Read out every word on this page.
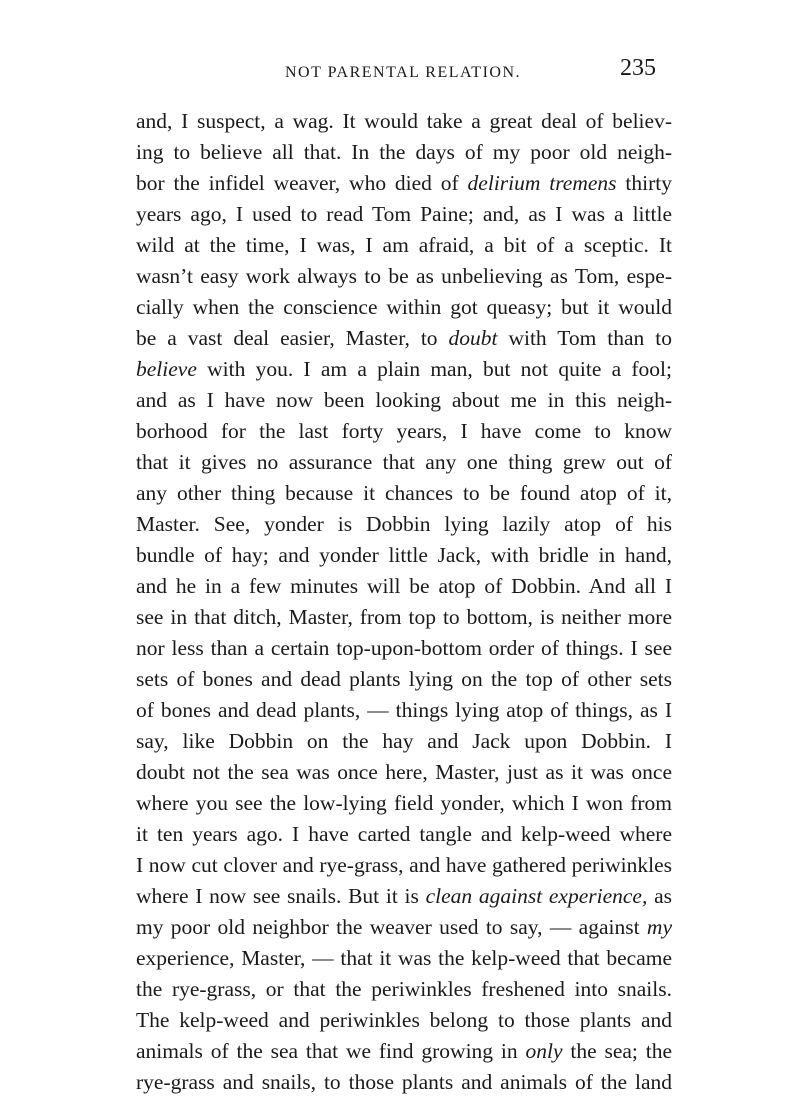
NOT PARENTAL RELATION.	235
and, I suspect, a wag. It would take a great deal of believ-
ing to believe all that. In the days of my poor old neigh-
bor the infidel weaver, who died of delirium tremens thirty
years ago, I used to read Tom Paine; and, as I was a little
wild at the time, I was, I am afraid, a bit of a sceptic. It
wasn’t easy work always to be as unbelieving as Tom, espe-
cially when the conscience within got queasy; but it would
be a vast deal easier, Master, to doubt with Tom than to
believe with you. I am a plain man, but not quite a fool;
and as I have now been looking about me in this neigh-
borhood for the last forty years, I have come to know
that it gives no assurance that any one thing grew out of
any other thing because it chances to be found atop of it,
Master. See, yonder is Dobbin lying lazily atop of his
bundle of hay; and yonder little Jack, with bridle in hand,
and he in a few minutes will be atop of Dobbin. And all I
see in that ditch, Master, from top to bottom, is neither more
nor less than a certain top-upon-bottom order of things. I see
sets of bones and dead plants lying on the top of other sets
of bones and dead plants, — things lying atop of things, as I
say, like Dobbin on the hay and Jack upon Dobbin. I
doubt not the sea was once here, Master, just as it was once
where you see the low-lying field yonder, which I won from
it ten years ago. I have carted tangle and kelp-weed where
I now cut clover and rye-grass, and have gathered periwinkles
where I now see snails. But it is clean against experience, as
my poor old neighbor the weaver used to say, — against my
experience, Master, — that it was the kelp-weed that became
the rye-grass, or that the periwinkles freshened into snails.
The kelp-weed and periwinkles belong to those plants and
animals of the sea that we find growing in only the sea; the
rye-grass and snails, to those plants and animals of the land
